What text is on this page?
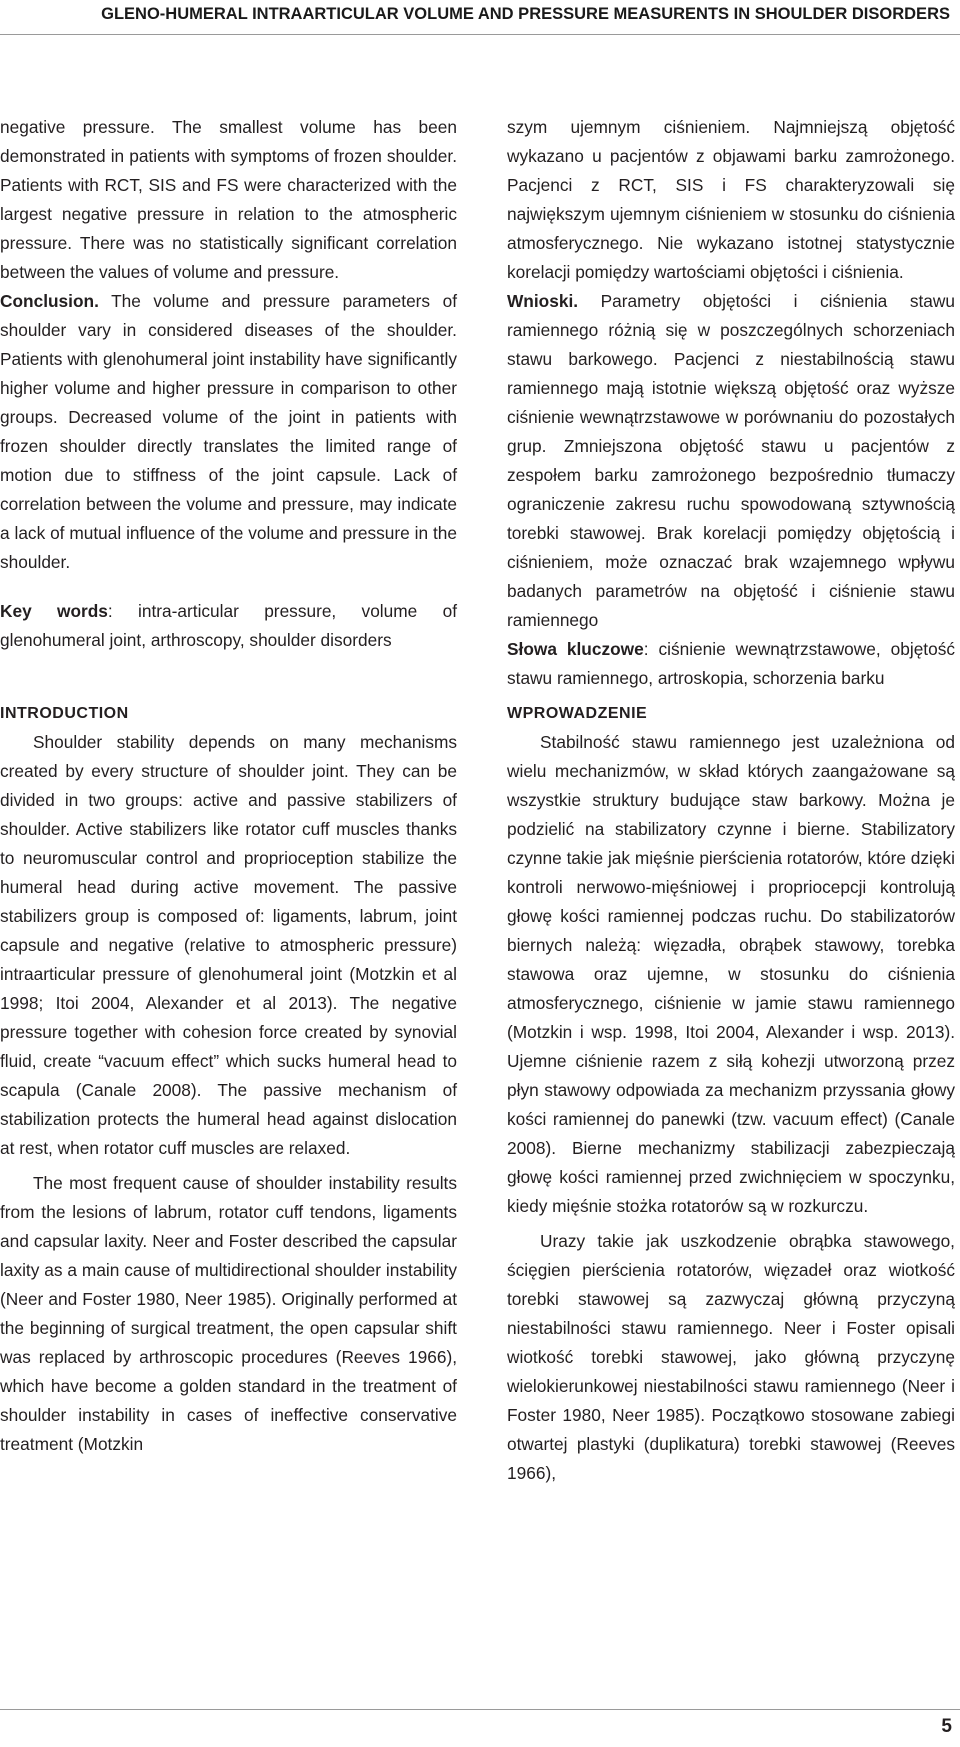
GLENO-HUMERAL INTRAARTICULAR VOLUME AND PRESSURE MEASURENTS IN SHOULDER DISORDERS

negative pressure. The smallest volume has been demonstrated in patients with symptoms of frozen shoulder. Patients with RCT, SIS and FS were characterized with the largest negative pressure in relation to the atmospheric pressure. There was no statistically significant correlation between the values of volume and pressure.

Conclusion. The volume and pressure parameters of shoulder vary in considered diseases of the shoulder. Patients with glenohumeral joint instability have significantly higher volume and higher pressure in comparison to other groups. Decreased volume of the joint in patients with frozen shoulder directly translates the limited range of motion due to stiffness of the joint capsule. Lack of correlation between the volume and pressure, may indicate a lack of mutual influence of the volume and pressure in the shoulder.

Key words: intra-articular pressure, volume of glenohumeral joint, arthroscopy, shoulder disorders

szym ujemnym ciśnieniem. Najmniejszą objętość wykazano u pacjentów z objawami barku zamrożonego. Pacjenci z RCT, SIS i FS charakteryzowali się największym ujemnym ciśnieniem w stosunku do ciśnienia atmosferycznego. Nie wykazano istotnej statystycznie korelacji pomiędzy wartościami objętości i ciśnienia.

Wnioski. Parametry objętości i ciśnienia stawu ramiennego różnią się w poszczególnych schorzeniach stawu barkowego. Pacjenci z niestabilnością stawu ramiennego mają istotnie większą objętość oraz wyższe ciśnienie wewnątrzstawowe w porównaniu do pozostałych grup. Zmniejszona objętość stawu u pacjentów z zespołem barku zamrożonego bezpośrednio tłumaczy ograniczenie zakresu ruchu spowodowaną sztywnością torebki stawowej. Brak korelacji pomiędzy objętością i ciśnieniem, może oznaczać brak wzajemnego wpływu badanych parametrów na objętość i ciśnienie stawu ramiennego

Słowa kluczowe: ciśnienie wewnątrzstawowe, objętość stawu ramiennego, artroskopia, schorzenia barku

INTRODUCTION	WPROWADZENIE

Shoulder stability depends on many mechanisms created by every structure of shoulder joint. They can be divided in two groups: active and passive stabilizers of shoulder. Active stabilizers like rotator cuff muscles thanks to neuromuscular control and proprioception stabilize the humeral head during active movement. The passive stabilizers group is composed of: ligaments, labrum, joint capsule and negative (relative to atmospheric pressure) intraarticular pressure of glenohumeral joint (Motzkin et al 1998; Itoi 2004, Alexander et al 2013). The negative pressure together with cohesion force created by synovial fluid, create “vacuum effect” which sucks humeral head to scapula (Canale 2008). The passive mechanism of stabilization protects the humeral head against dislocation at rest, when rotator cuff muscles are relaxed.

The most frequent cause of shoulder instability results from the lesions of labrum, rotator cuff tendons, ligaments and capsular laxity. Neer and Foster described the capsular laxity as a main cause of multidirectional shoulder instability (Neer and Foster 1980, Neer 1985). Originally performed at the beginning of surgical treatment, the open capsular shift was replaced by arthroscopic procedures (Reeves 1966), which have become a golden standard in the treatment of shoulder instability in cases of ineffective conservative treatment (Motzkin

Stabilność stawu ramiennego jest uzależniona od wielu mechanizmów, w skład których zaangażowane są wszystkie struktury budujące staw barkowy. Można je podzielić na stabilizatory czynne i bierne. Stabilizatory czynne takie jak mięśnie pierścienia rotatorów, które dzięki kontroli nerwowo-mięśniowej i propriocepcji kontrolują głowę kości ramiennej podczas ruchu. Do stabilizatorów biernych należą: więzadła, obrąbek stawowy, torebka stawowa oraz ujemne, w stosunku do ciśnienia atmosferycznego, ciśnienie w jamie stawu ramiennego (Motzkin i wsp. 1998, Itoi 2004, Alexander i wsp. 2013). Ujemne ciśnienie razem z siłą kohezji utworzoną przez płyn stawowy odpowiada za mechanizm przyssania głowy kości ramiennej do panewki (tzw. vacuum effect) (Canale 2008). Bierne mechanizmy stabilizacji zabezpieczają głowę kości ramiennej przed zwichnięciem w spoczynku, kiedy mięśnie stożka rotatorów są w rozkurczu.

Urazy takie jak uszkodzenie obrąbka stawowego, ścięgien pierścienia rotatorów, więzadeł oraz wiotkość torebki stawowej są zazwyczaj główną przyczyną niestabilności stawu ramiennego. Neer i Foster opisali wiotkość torebki stawowej, jako główną przyczynę wielokierunkowej niestabilności stawu ramiennego (Neer i Foster 1980, Neer 1985). Początkowo stosowane zabiegi otwartej plastyki (duplikatura) torebki stawowej (Reeves 1966),

5
